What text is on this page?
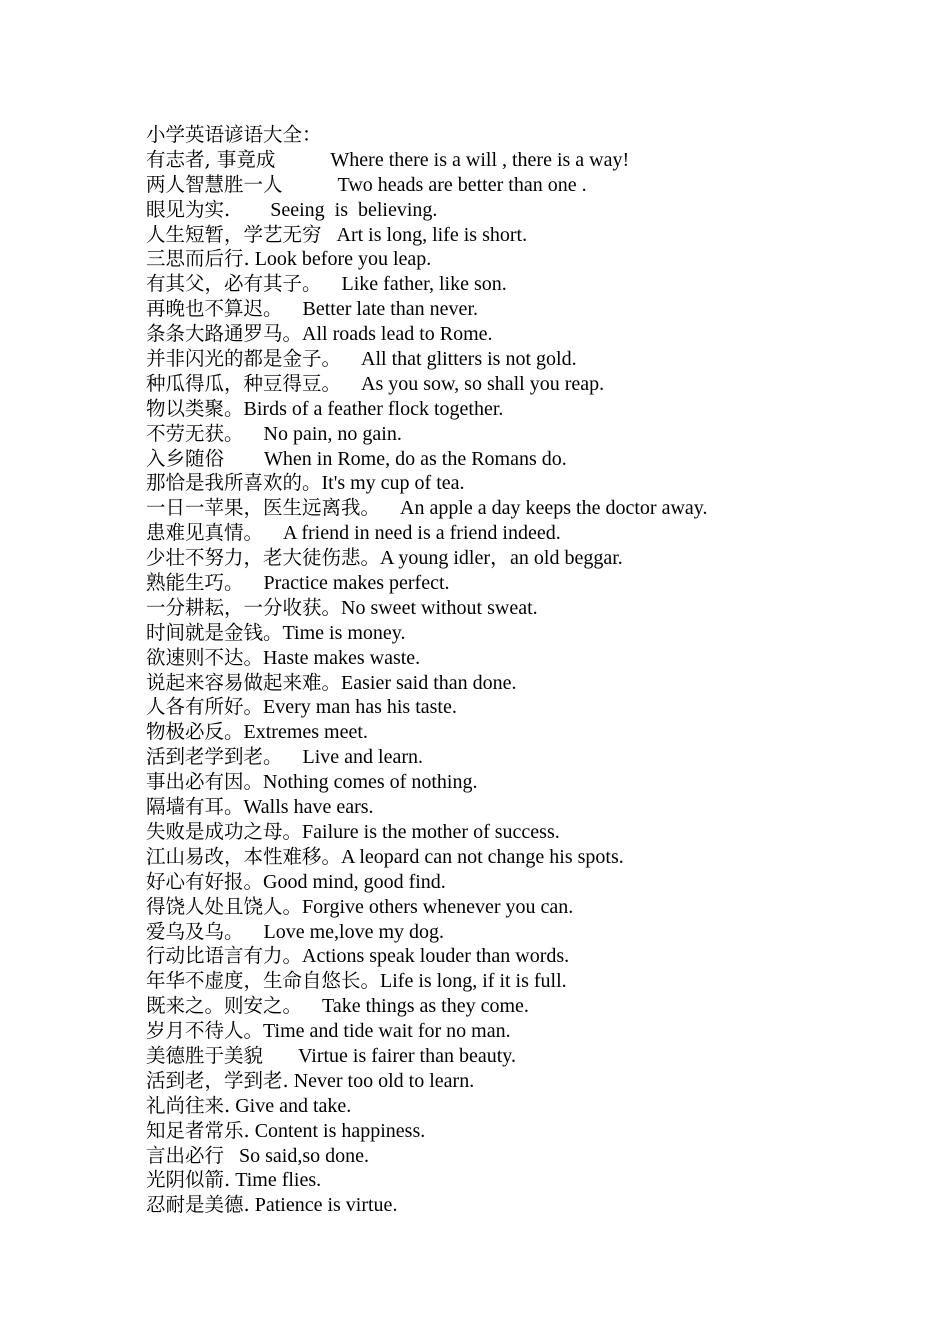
小学英语谚语大全：
有志者, 事竟成	Where there is a will , there is a way!
两人智慧胜一人	Two heads are better than one .
眼见为实. Seeing  is  believing.
人生短暂，学艺无穷 Art is long, life is short.
三思而后行. Look before you leap.
有其父，必有其子。 Like father, like son.
再晚也不算迟。 Better late than never.
条条大路通罗马。All roads lead to Rome.
并非闪光的都是金子。 All that glitters is not gold.
种瓜得瓜，种豆得豆。 As you sow, so shall you reap.
物以类聚。Birds of a feather flock together.
不劳无获。 No pain, no gain.
入乡随俗 When in Rome, do as the Romans do.
那恰是我所喜欢的。It's my cup of tea.
一日一苹果，医生远离我。 An apple a day keeps the doctor away.
患难见真情。 A friend in need is a friend indeed.
少壮不努力，老大徒伤悲。A young idler，an old beggar.
熟能生巧。 Practice makes perfect.
一分耕耘，一分收获。No sweet without sweat.
时间就是金钱。Time is money.
欲速则不达。Haste makes waste.
说起来容易做起来难。Easier said than done.
人各有所好。Every man has his taste.
物极必反。Extremes meet.
活到老学到老。 Live and learn.
事出必有因。Nothing comes of nothing.
隔墙有耳。Walls have ears.
失败是成功之母。Failure is the mother of success.
江山易改，本性难移。A leopard can not change his spots.
好心有好报。Good mind, good find.
得饶人处且饶人。Forgive others whenever you can.
爱乌及乌。 Love me,love my dog.
行动比语言有力。Actions speak louder than words.
年华不虚度，生命自悠长。Life is long, if it is full.
既来之。则安之。 Take things as they come.
岁月不待人。Time and tide wait for no man.
美德胜于美貌 Virtue is fairer than beauty.
活到老，学到老. Never too old to learn.
礼尚往来. Give and take.
知足者常乐. Content is happiness.
言出必行 So said,so done.
光阴似箭. Time flies.
忍耐是美德. Patience is virtue.
